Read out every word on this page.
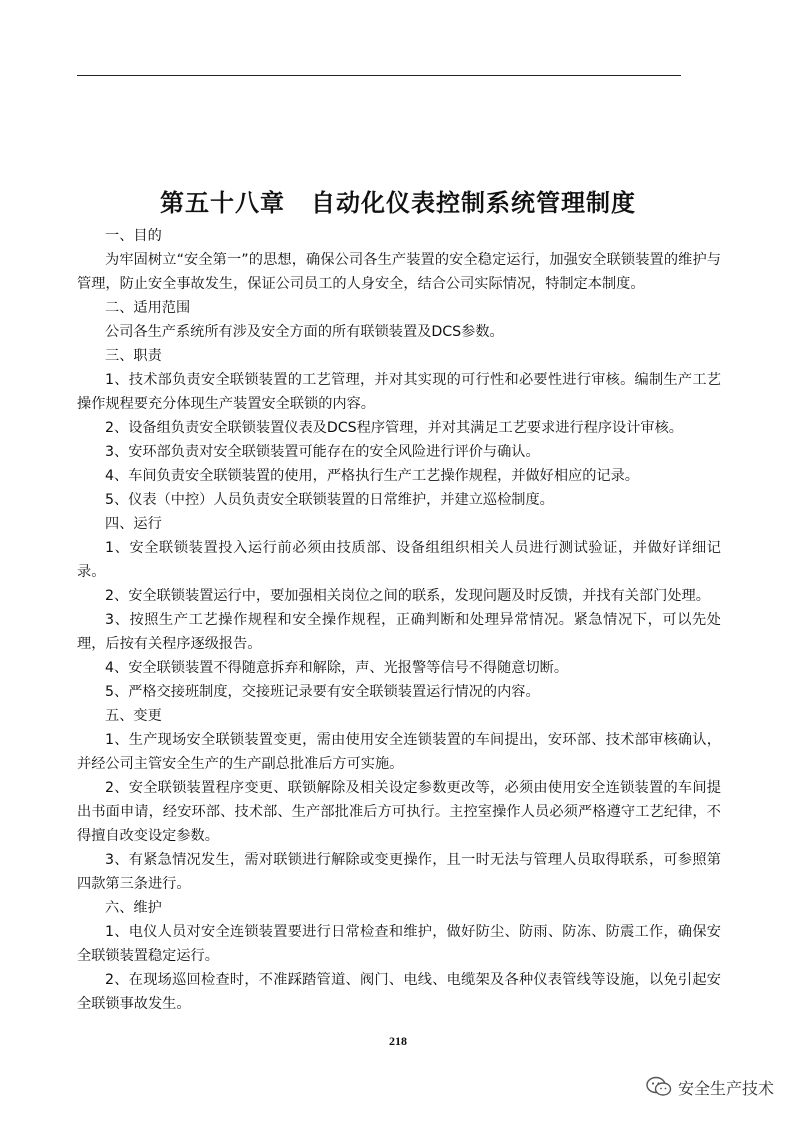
第五十八章 自动化仪表控制系统管理制度

一、目的

为牢固树立“安全第一”的思想，确保公司各生产装置的安全稳定运行，加强安全联锁装置的维护与管理，防止安全事故发生，保证公司员工的人身安全，结合公司实际情况，特制定本制度。

二、适用范围

公司各生产系统所有涉及安全方面的所有联锁装置及DCS参数。

三、职责

1、技术部负责安全联锁装置的工艺管理，并对其实现的可行性和必要性进行审核。编制生产工艺操作规程要充分体现生产装置安全联锁的内容。

2、设备组负责安全联锁装置仪表及DCS程序管理，并对其满足工艺要求进行程序设计审核。

3、安环部负责对安全联锁装置可能存在的安全风险进行评价与确认。

4、车间负责安全联锁装置的使用，严格执行生产工艺操作规程，并做好相应的记录。

5、仪表（中控）人员负责安全联锁装置的日常维护，并建立巡检制度。

四、运行

1、安全联锁装置投入运行前必须由技质部、设备组组织相关人员进行测试验证，并做好详细记录。

2、安全联锁装置运行中，要加强相关岗位之间的联系，发现问题及时反馈，并找有关部门处理。

3、按照生产工艺操作规程和安全操作规程，正确判断和处理异常情况。紧急情况下，可以先处理，后按有关程序逐级报告。

4、安全联锁装置不得随意拆弃和解除，声、光报警等信号不得随意切断。

5、严格交接班制度，交接班记录要有安全联锁装置运行情况的内容。

五、变更

1、生产现场安全联锁装置变更，需由使用安全连锁装置的车间提出，安环部、技术部审核确认，并经公司主管安全生产的生产副总批准后方可实施。

2、安全联锁装置程序变更、联锁解除及相关设定参数更改等，必须由使用安全连锁装置的车间提出书面申请，经安环部、技术部、生产部批准后方可执行。主控室操作人员必须严格遵守工艺纪律，不得擅自改变设定参数。

3、有紧急情况发生，需对联锁进行解除或变更操作，且一时无法与管理人员取得联系，可参照第四款第三条进行。

六、维护

1、电仪人员对安全连锁装置要进行日常检查和维护，做好防尘、防雨、防冻、防震工作，确保安全联锁装置稳定运行。

2、在现场巡回检查时，不准踩踏管道、阀门、电线、电缆架及各种仪表管线等设施，以免引起安全联锁事故发生。

218
安全生产技术
